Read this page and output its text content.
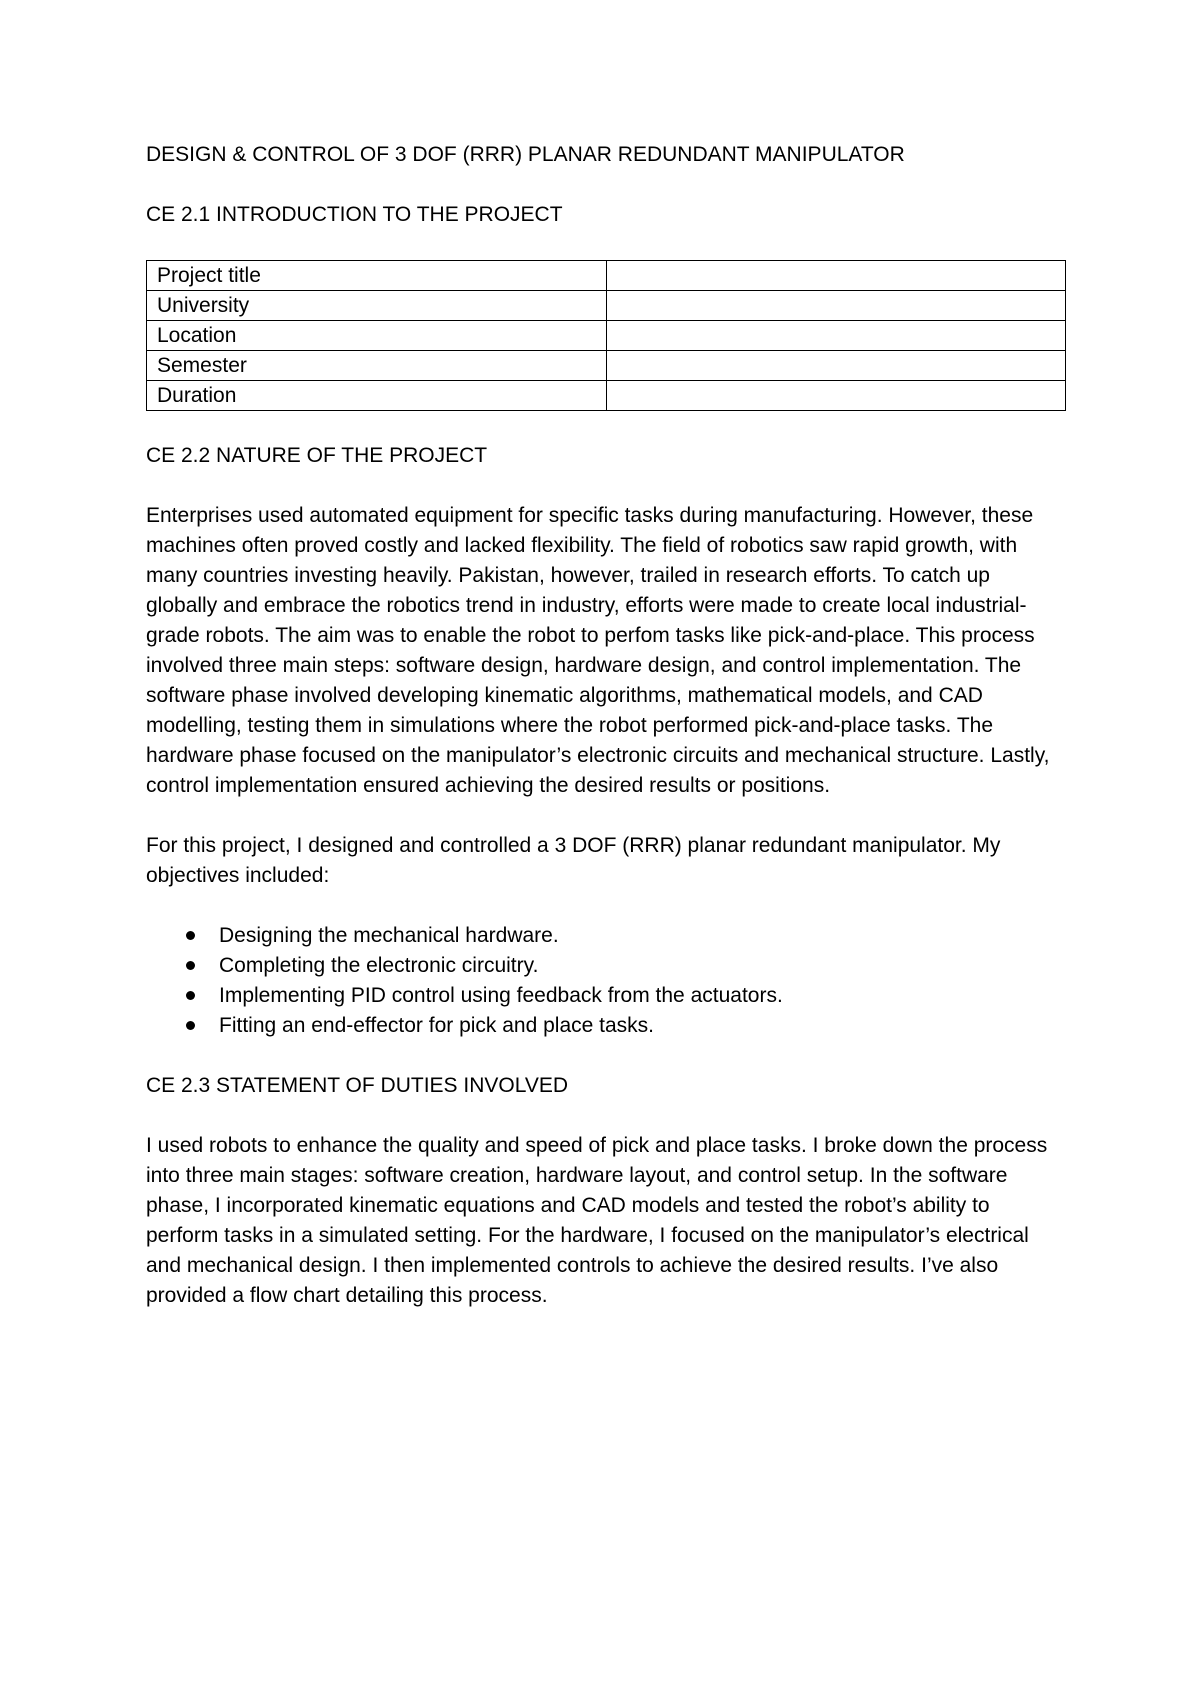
DESIGN & CONTROL OF 3 DOF (RRR) PLANAR REDUNDANT MANIPULATOR
CE 2.1 INTRODUCTION TO THE PROJECT
Project title	
University	
Location	
Semester	
Duration	
CE 2.2 NATURE OF THE PROJECT

Enterprises used automated equipment for specific tasks during manufacturing. However, these machines often proved costly and lacked flexibility. The field of robotics saw rapid growth, with many countries investing heavily. Pakistan, however, trailed in research efforts. To catch up globally and embrace the robotics trend in industry, efforts were made to create local industrial-grade robots. The aim was to enable the robot to perfom tasks like pick-and-place. This process involved three main steps: software design, hardware design, and control implementation. The software phase involved developing kinematic algorithms, mathematical models, and CAD modelling, testing them in simulations where the robot performed pick-and-place tasks. The hardware phase focused on the manipulator’s electronic circuits and mechanical structure. Lastly, control implementation ensured achieving the desired results or positions.

For this project, I designed and controlled a 3 DOF (RRR) planar redundant manipulator. My objectives included:

Designing the mechanical hardware.
Completing the electronic circuitry.
Implementing PID control using feedback from the actuators.
Fitting an end-effector for pick and place tasks.
CE 2.3 STATEMENT OF DUTIES INVOLVED

I used robots to enhance the quality and speed of pick and place tasks. I broke down the process into three main stages: software creation, hardware layout, and control setup. In the software phase, I incorporated kinematic equations and CAD models and tested the robot’s ability to perform tasks in a simulated setting. For the hardware, I focused on the manipulator’s electrical and mechanical design. I then implemented controls to achieve the desired results. I’ve also provided a flow chart detailing this process.
